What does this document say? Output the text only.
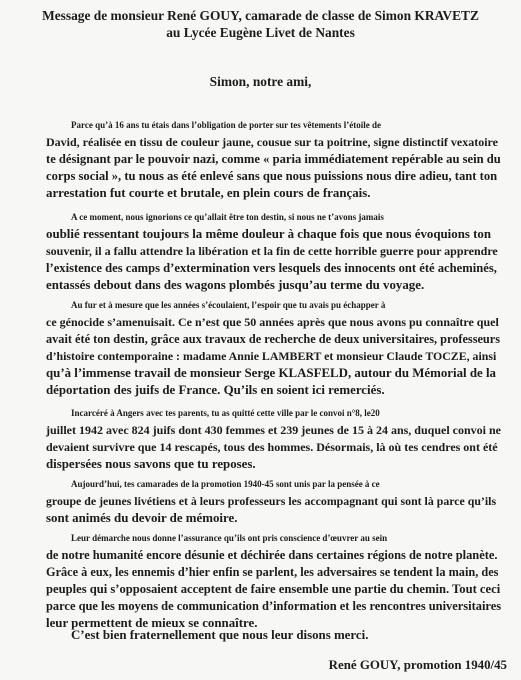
Message de monsieur René GOUY, camarade de classe de Simon KRAVETZ
au Lycée Eugène Livet de Nantes
Simon, notre ami,

Parce qu’à 16 ans tu étais dans l’obligation de porter sur tes vêtements l’étoile de
David, réalisée en tissu de couleur jaune, cousue sur ta poitrine, signe distinctif vexatoire
te désignant par le pouvoir nazi, comme « paria immédiatement repérable au sein du
corps social », tu nous as été enlevé sans que nous puissions nous dire adieu, tant ton
arrestation fut courte et brutale, en plein cours de français.

A ce moment, nous ignorions ce qu’allait être ton destin, si nous ne t’avons jamais
oublié ressentant toujours la même douleur à chaque fois que nous évoquions ton
souvenir, il a fallu attendre la libération et la fin de cette horrible guerre pour apprendre
l’existence des camps d’extermination vers lesquels des innocents ont été acheminés,
entassés debout dans des wagons plombés jusqu’au terme du voyage.

Au fur et à mesure que les années s’écoulaient, l’espoir que tu avais pu échapper à
ce génocide s’amenuisait. Ce n’est que 50 années après que nous avons pu connaître quel
avait été ton destin, grâce aux travaux de recherche de deux universitaires, professeurs
d’histoire contemporaine : madame Annie LAMBERT et monsieur Claude TOCZE, ainsi
qu’à l’immense travail de monsieur Serge KLASFELD, autour du Mémorial de la
déportation des juifs de France. Qu’ils en soient ici remerciés.

Incarcéré à Angers avec tes parents, tu as quitté cette ville par le convoi n°8, le20
juillet 1942 avec 824 juifs dont 430 femmes et 239 jeunes de 15 à 24 ans, duquel convoi ne
devaient survivre que 14 rescapés, tous des hommes. Désormais, là où tes cendres ont été
dispersées nous savons que tu reposes.

Aujourd’hui, tes camarades de la promotion 1940-45 sont unis par la pensée à ce
groupe de jeunes livétiens et à leurs professeurs les accompagnant qui sont là parce qu’ils
sont animés du devoir de mémoire.

Leur démarche nous donne l’assurance qu’ils ont pris conscience d’œuvrer au sein
de notre humanité encore désunie et déchirée dans certaines régions de notre planète.
Grâce à eux, les ennemis d’hier enfin se parlent, les adversaires se tendent la main, des
peuples qui s’opposaient acceptent de faire ensemble une partie du chemin. Tout ceci
parce que les moyens de communication d’information et les rencontres universitaires
leur permettent de mieux se connaître.

C’est bien fraternellement que nous leur disons merci.
René GOUY, promotion 1940/45
